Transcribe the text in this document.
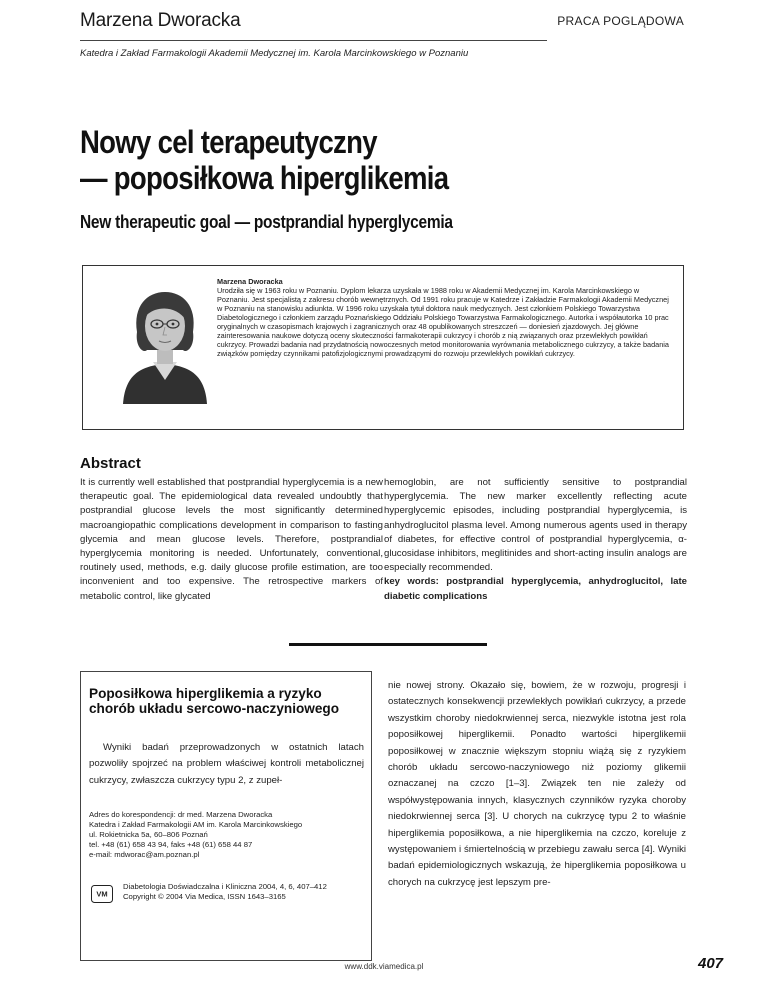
Marzena Dworacka	PRACA POGLĄDOWA
Katedra i Zakład Farmakologii Akademii Medycznej im. Karola Marcinkowskiego w Poznaniu
Nowy cel terapeutyczny
— poposiłkowa hiperglikemia
New therapeutic goal — postprandial hyperglycemia
Marzena Dworacka
Urodziła się w 1963 roku w Poznaniu. Dyplom lekarza uzyskała w 1988 roku w Akademii Medycznej im. Karola Marcinkowskiego w Poznaniu. Jest specjalistą z zakresu chorób wewnętrznych. Od 1991 roku pracuje w Katedrze i Zakładzie Farmakologii Akademii Medycznej w Poznaniu na stanowisku adiunkta. W 1996 roku uzyskała tytuł doktora nauk medycznych. Jest członkiem Polskiego Towarzystwa Diabetologicznego i członkiem zarządu Poznańskiego Oddziału Polskiego Towarzystwa Farmakologicznego. Autorka i współautorka 10 prac oryginalnych w czasopismach krajowych i zagranicznych oraz 48 opublikowanych streszczeń — doniesień zjazdowych. Jej główne zainteresowania naukowe dotyczą oceny skuteczności farmakoterapii cukrzycy i chorób z nią związanych oraz przewlekłych powikłań cukrzycy. Prowadzi badania nad przydatnością nowoczesnych metod monitorowania wyrównania metabolicznego cukrzycy, a także badania związków pomiędzy czynnikami patofizjologicznymi prowadzącymi do rozwoju przewlekłych powikłań cukrzycy.
Abstract
It is currently well established that postprandial hyperglycemia is a new therapeutic goal. The epidemiological data revealed undoubtly that postprandial glucose levels the most significantly determined macroangiopathic complications development in comparison to fasting glycemia and mean glucose levels. Therefore, postprandial hyperglycemia monitoring is needed. Unfortunately, conventional, routinely used, methods, e.g. daily glucose profile estimation, are too inconvenient and too expensive. The retrospective markers of metabolic control, like glycated
hemoglobin, are not sufficiently sensitive to postprandial hyperglycemia. The new marker excellently reflecting acute hyperglycemic episodes, including postprandial hyperglycemia, is anhydroglucitol plasma level. Among numerous agents used in therapy of diabetes, for effective control of postprandial hyperglycemia, α-glucosidase inhibitors, meglitinides and short-acting insulin analogs are especially recommended.
key words: postprandial hyperglycemia, anhydroglucitol, late diabetic complications
Poposiłkowa hiperglikemia a ryzyko chorób układu sercowo-naczyniowego
Wyniki badań przeprowadzonych w ostatnich latach pozwoliły spojrzeć na problem właściwej kontroli metabolicznej cukrzycy, zwłaszcza cukrzycy typu 2, z zupeł-
Adres do korespondencji: dr med. Marzena Dworacka
Katedra i Zakład Farmakologii AM im. Karola Marcinkowskiego
ul. Rokietnicka 5a, 60–806 Poznań
tel. +48 (61) 658 43 94, faks +48 (61) 658 44 87
e-mail: mdworac@am.poznan.pl
VM
Diabetologia Doświadczalna i Kliniczna 2004, 4, 6, 407–412
Copyright © 2004 Via Medica, ISSN 1643–3165
nie nowej strony. Okazało się, bowiem, że w rozwoju, progresji i ostatecznych konsekwencji przewlekłych powikłań cukrzycy, a przede wszystkim choroby niedokrwiennej serca, niezwykle istotna jest rola poposiłkowej hiperglikemii. Ponadto wartości hiperglikemii poposiłkowej w znacznie większym stopniu wiążą się z ryzykiem chorób układu sercowo-naczyniowego niż poziomy glikemii oznaczanej na czczo [1–3]. Związek ten nie zależy od współwystępowania innych, klasycznych czynników ryzyka choroby niedokrwiennej serca [3]. U chorych na cukrzycę typu 2 to właśnie hiperglikemia poposiłkowa, a nie hiperglikemia na czczo, koreluje z występowaniem i śmiertelnością w przebiegu zawału serca [4]. Wyniki badań epidemiologicznych wskazują, że hiperglikemia poposiłkowa u chorych na cukrzycę jest lepszym pre-
www.ddk.viamedica.pl	407
